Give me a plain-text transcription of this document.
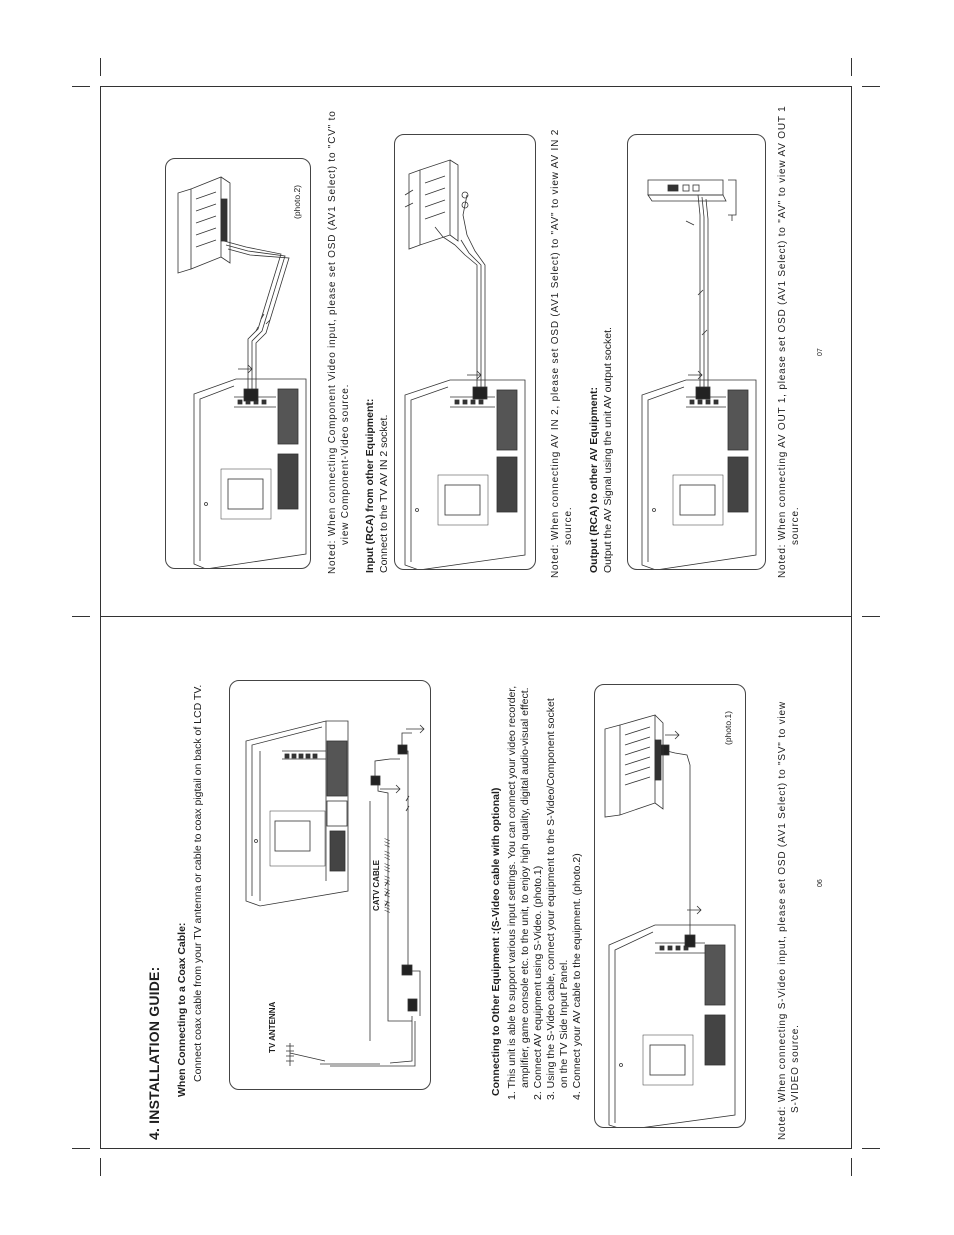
4. INSTALLATION GUIDE: When Connecting to a Coax Cable: Connect coax cable from your TV antenna or cable to coax pigtail on back of LCD TV.	TV ANTENNA
CATV CABLE //// /// /// /// /// ///	Connecting to Other Equipment :(S-Video cable with optional) 1. This unit is able to support various input settings. You can connect your video recorder, amplifier, game console etc. to the unit, to enjoy high quality, digital audio-visual effect. 2. Connect AV equipment using S-Video. (photo.1) 3. Using the S-Video cable, connect your equipment to the S-Video/Component socket on the TV Side Input Panel. 4. Connect your AV cable to the equipment. (photo.2)
(photo.1)	Noted: When connecting S-Video input, please set OSD (AV1 Select) to "SV" to view S-VIDEO source.
06
(photo.2)	Noted: When connecting Component Video input, please set OSD (AV1 Select) to "CV" to view Component-Video source. Input (RCA) from other Equipment: Connect to the TV AV IN 2 socket.	Noted: When connecting AV IN 2, please set OSD (AV1 Select) to "AV" to view AV IN 2 source. Output (RCA) to other AV Equipment: Output the AV Signal using the unit AV output socket.	Noted: When connecting AV OUT 1, please set OSD (AV1 Select) to "AV" to view AV OUT 1 source.
07
